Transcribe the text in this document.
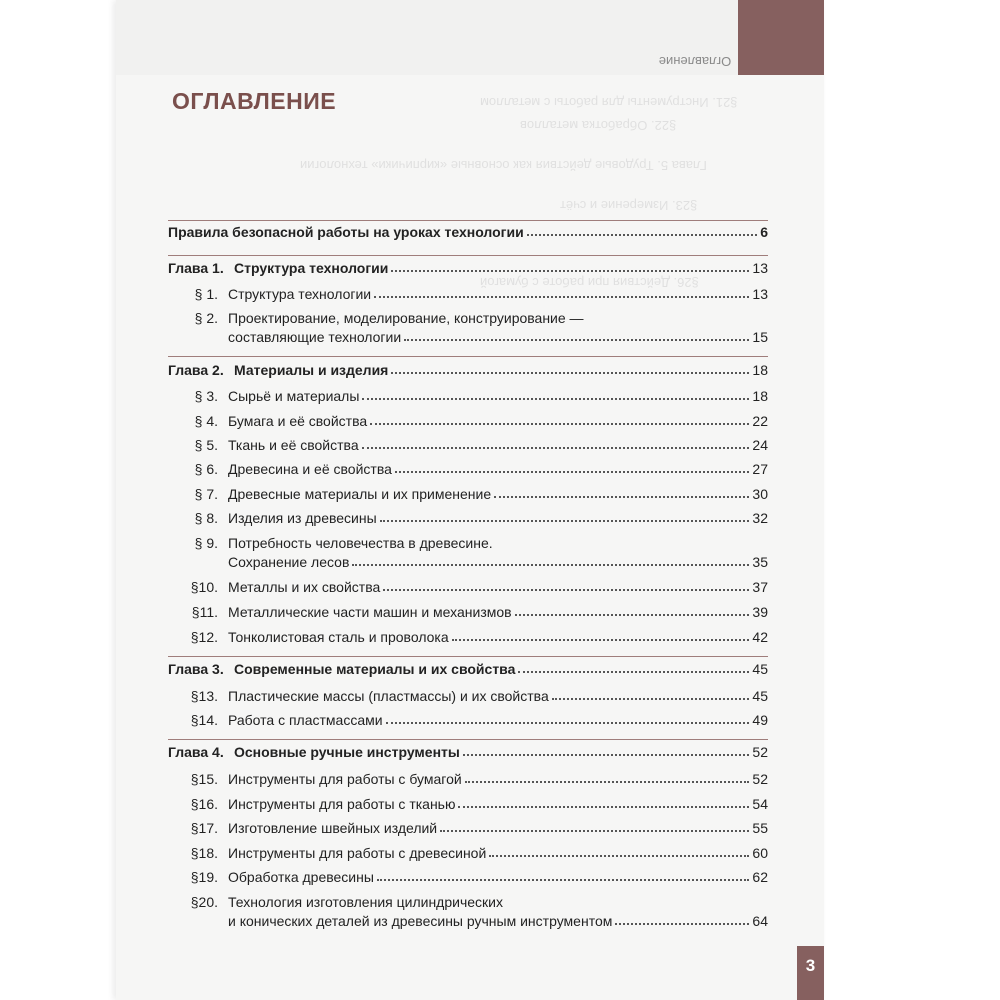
Оглавление
§21. Инструменты для работы с металлом
§22. Обработка металлов
Глава 5. Трудовые действия как основные «кирпичики» технологии
§23. Измерение и счёт
§26. Действия при работе с бумагой
ОГЛАВЛЕНИЕ
Правила безопасной работы на уроках технологии	6
Глава 1. Структура технологии	13
§ 1. Структура технологии	13
§ 2. Проектирование, моделирование, конструирование —
составляющие технологии	15
Глава 2. Материалы и изделия	18
§ 3. Сырьё и материалы	18
§ 4. Бумага и её свойства	22
§ 5. Ткань и её свойства	24
§ 6. Древесина и её свойства	27
§ 7. Древесные материалы и их применение	30
§ 8. Изделия из древесины	32
§ 9. Потребность человечества в древесине.
Сохранение лесов	35
§10. Металлы и их свойства	37
§11. Металлические части машин и механизмов	39
§12. Тонколистовая сталь и проволока	42
Глава 3. Современные материалы и их свойства	45
§13. Пластические массы (пластмассы) и их свойства	45
§14. Работа с пластмассами	49
Глава 4. Основные ручные инструменты	52
§15. Инструменты для работы с бумагой	52
§16. Инструменты для работы с тканью	54
§17. Изготовление швейных изделий	55
§18. Инструменты для работы с древесиной	60
§19. Обработка древесины	62
§20. Технология изготовления цилиндрических
и конических деталей из древесины ручным инструментом	64
3
